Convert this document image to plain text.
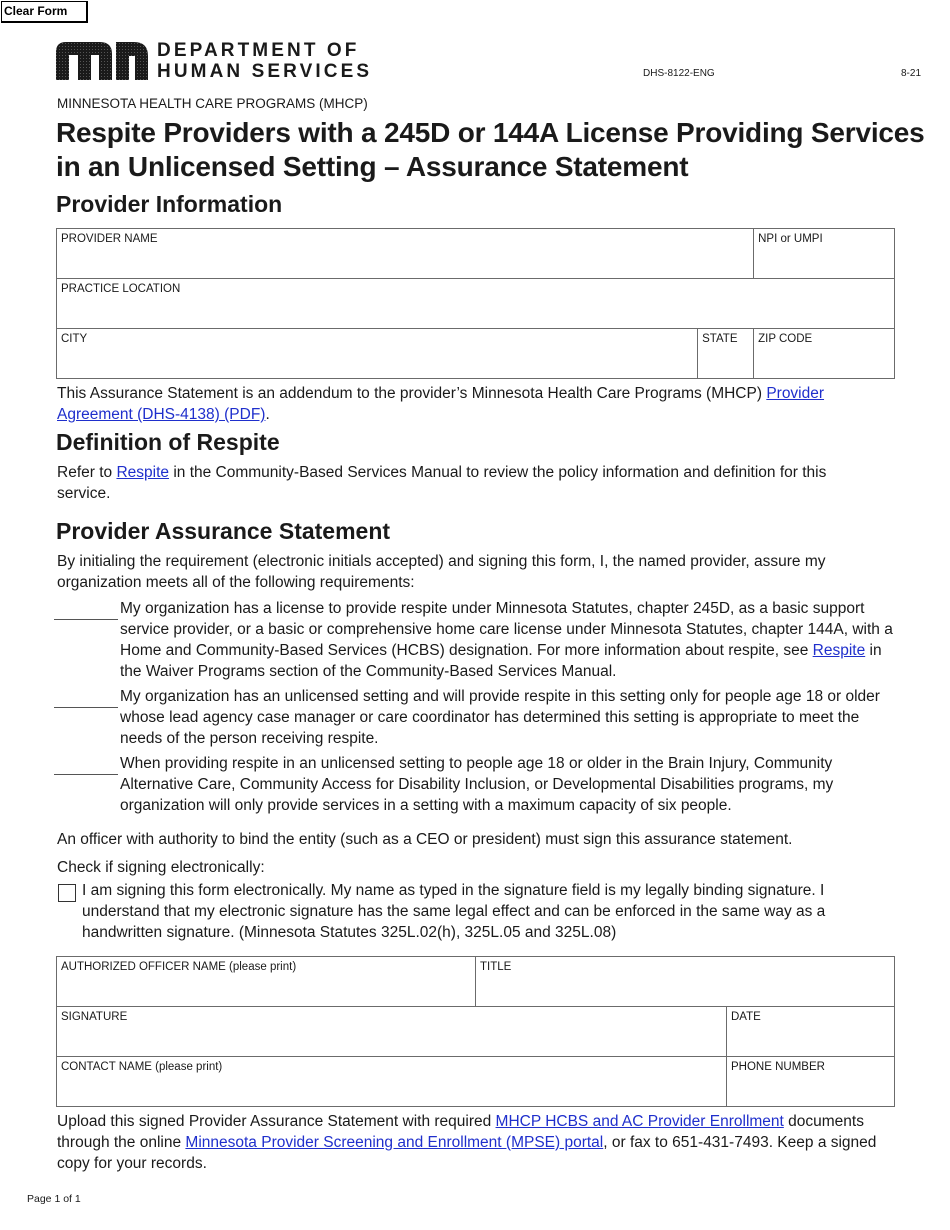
Clear Form
DEPARTMENT OF
HUMAN SERVICES	DHS-8122-ENG	8-21
MINNESOTA HEALTH CARE PROGRAMS (MHCP)
Respite Providers with a 245D or 144A License Providing Services in an Unlicensed Setting – Assurance Statement
Provider Information
PROVIDER NAME		NPI or UMPI

PRACTICE LOCATION		

CITY	STATE	ZIP CODE

This Assurance Statement is an addendum to the provider’s Minnesota Health Care Programs (MHCP) Provider Agreement (DHS-4138) (PDF).

Definition of Respite

Refer to Respite in the Community-Based Services Manual to review the policy information and definition for this service.

Provider Assurance Statement

By initialing the requirement (electronic initials accepted) and signing this form, I, the named provider, assure my organization meets all of the following requirements:

My organization has a license to provide respite under Minnesota Statutes, chapter 245D, as a basic support service provider, or a basic or comprehensive home care license under Minnesota Statutes, chapter 144A, with a Home and Community-Based Services (HCBS) designation. For more information about respite, see Respite in the Waiver Programs section of the Community-Based Services Manual.
My organization has an unlicensed setting and will provide respite in this setting only for people age 18 or older whose lead agency case manager or care coordinator has determined this setting is appropriate to meet the needs of the person receiving respite.
When providing respite in an unlicensed setting to people age 18 or older in the Brain Injury, Community Alternative Care, Community Access for Disability Inclusion, or Developmental Disabilities programs, my organization will only provide services in a setting with a maximum capacity of six people.

An officer with authority to bind the entity (such as a CEO or president) must sign this assurance statement.

Check if signing electronically:

I am signing this form electronically. My name as typed in the signature field is my legally binding signature. I understand that my electronic signature has the same legal effect and can be enforced in the same way as a handwritten signature. (Minnesota Statutes 325L.02(h), 325L.05 and 325L.08)
AUTHORIZED OFFICER NAME (please print)	TITLE	

SIGNATURE		DATE

CONTACT NAME (please print)		PHONE NUMBER

Upload this signed Provider Assurance Statement with required MHCP HCBS and AC Provider Enrollment documents through the online Minnesota Provider Screening and Enrollment (MPSE) portal, or fax to 651-431-7493. Keep a signed copy for your records.

Page 1 of 1
